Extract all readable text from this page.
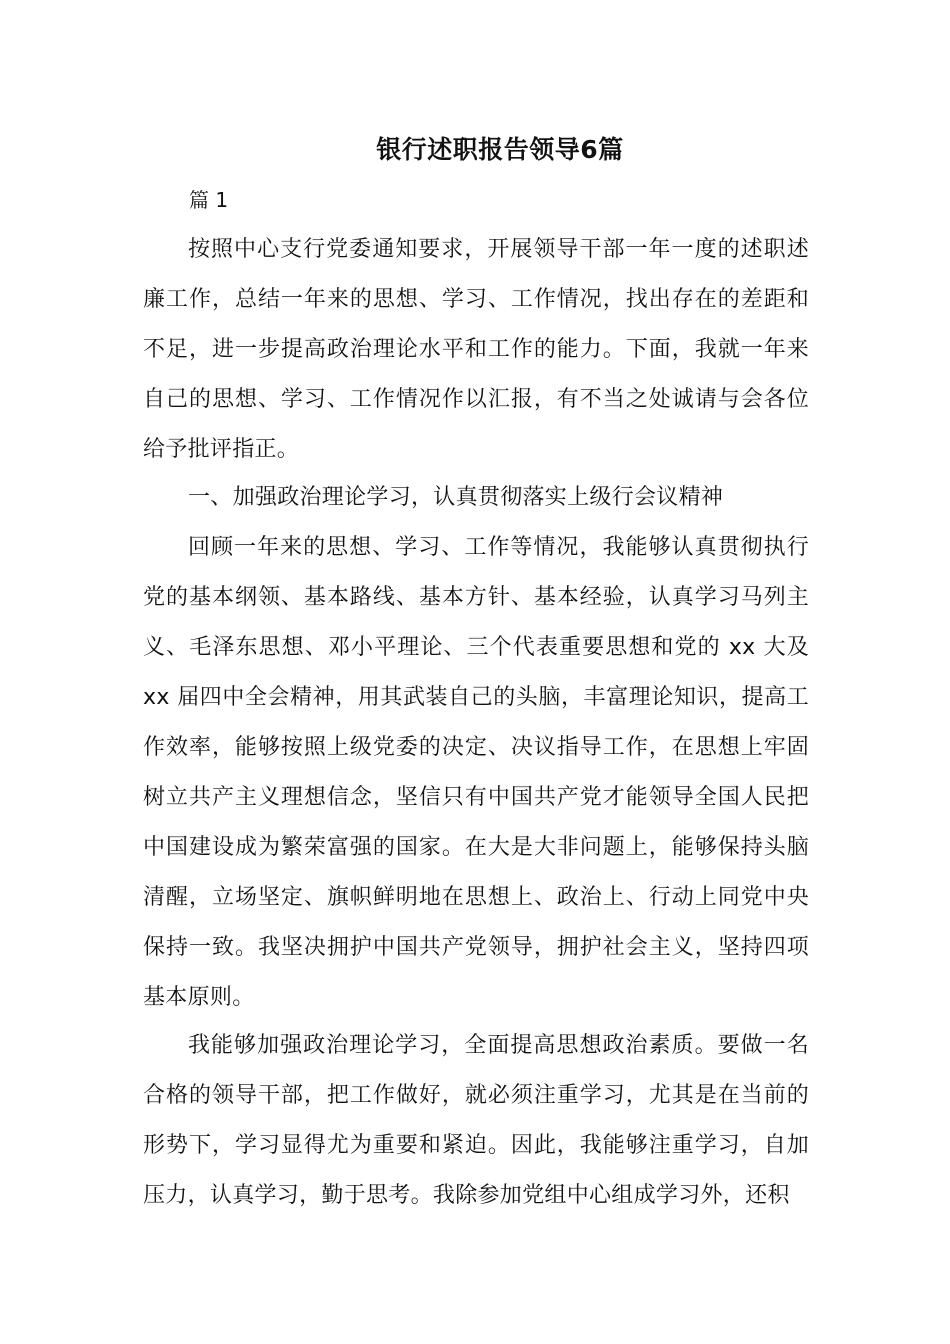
银行述职报告领导6篇

篇 1

按照中心支行党委通知要求，开展领导干部一年一度的述职述廉工作，总结一年来的思想、学习、工作情况，找出存在的差距和不足，进一步提高政治理论水平和工作的能力。下面，我就一年来自己的思想、学习、工作情况作以汇报，有不当之处诚请与会各位给予批评指正。

一、加强政治理论学习，认真贯彻落实上级行会议精神

回顾一年来的思想、学习、工作等情况，我能够认真贯彻执行党的基本纲领、基本路线、基本方针、基本经验，认真学习马列主义、毛泽东思想、邓小平理论、三个代表重要思想和党的 xx 大及 xx 届四中全会精神，用其武装自己的头脑，丰富理论知识，提高工作效率，能够按照上级党委的决定、决议指导工作，在思想上牢固树立共产主义理想信念，坚信只有中国共产党才能领导全国人民把中国建设成为繁荣富强的国家。在大是大非问题上，能够保持头脑清醒，立场坚定、旗帜鲜明地在思想上、政治上、行动上同党中央保持一致。我坚决拥护中国共产党领导，拥护社会主义，坚持四项基本原则。

我能够加强政治理论学习，全面提高思想政治素质。要做一名合格的领导干部，把工作做好，就必须注重学习，尤其是在当前的形势下，学习显得尤为重要和紧迫。因此，我能够注重学习，自加压力，认真学习，勤于思考。我除参加党组中心组成学习外，还积
